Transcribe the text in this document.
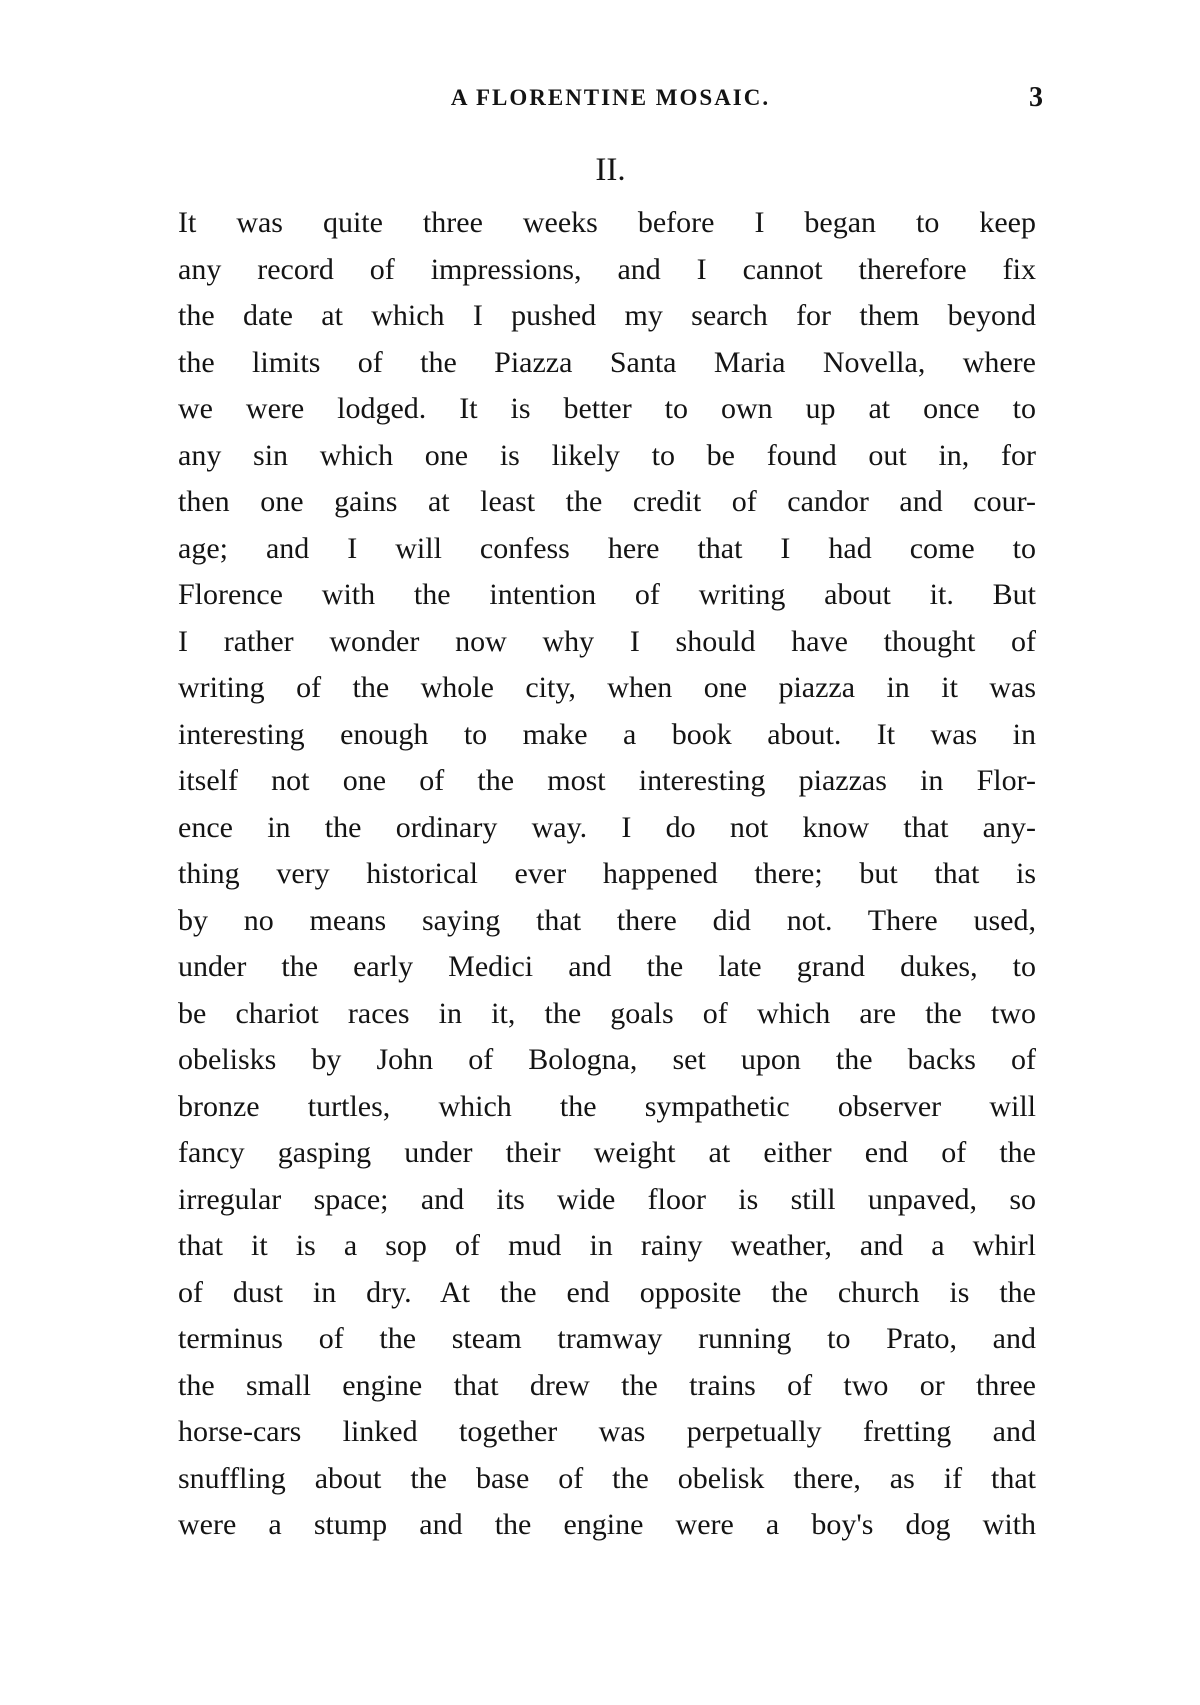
A FLORENTINE MOSAIC.	3
II.
It was quite three weeks before I began to keep
any record of impressions, and I cannot therefore fix
the date at which I pushed my search for them beyond
the limits of the Piazza Santa Maria Novella, where
we were lodged. It is better to own up at once to
any sin which one is likely to be found out in, for
then one gains at least the credit of candor and cour-
age; and I will confess here that I had come to
Florence with the intention of writing about it. But
I rather wonder now why I should have thought of
writing of the whole city, when one piazza in it was
interesting enough to make a book about. It was in
itself not one of the most interesting piazzas in Flor-
ence in the ordinary way. I do not know that any-
thing very historical ever happened there; but that is
by no means saying that there did not. There used,
under the early Medici and the late grand dukes, to
be chariot races in it, the goals of which are the two
obelisks by John of Bologna, set upon the backs of
bronze turtles, which the sympathetic observer will
fancy gasping under their weight at either end of the
irregular space; and its wide floor is still unpaved, so
that it is a sop of mud in rainy weather, and a whirl
of dust in dry. At the end opposite the church is the
terminus of the steam tramway running to Prato, and
the small engine that drew the trains of two or three
horse-cars linked together was perpetually fretting and
snuffling about the base of the obelisk there, as if that
were a stump and the engine were a boy's dog with
